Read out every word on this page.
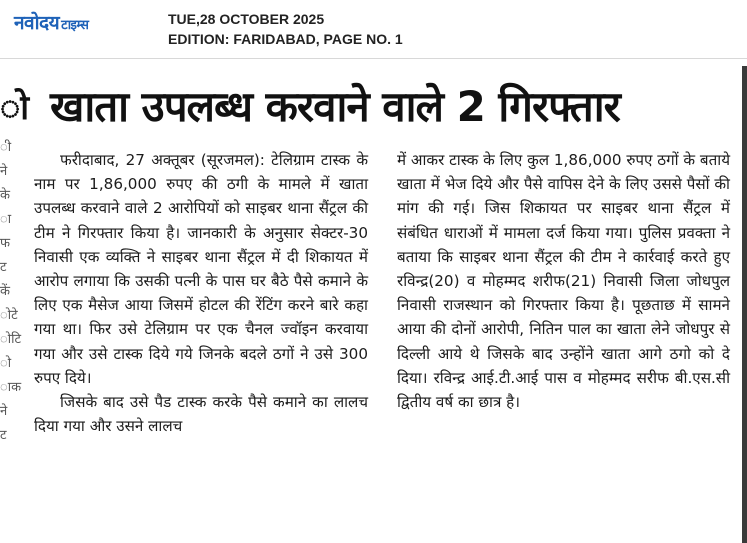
नवोदय टाइम्स	TUE,28 OCTOBER 2025
EDITION: FARIDABAD, PAGE NO. 1
ो
ी
ने
के
ा
फ
ट
कें
ोटे
ोटि
ो
ाक
ने
ट
खाता उपलब्ध करवाने वाले 2 गिरफ्तार

फरीदाबाद, 27 अक्तूबर (सूरजमल): टेलिग्राम टास्क के नाम पर 1,86,000 रुपए की ठगी के मामले में खाता उपलब्ध करवाने वाले 2 आरोपियों को साइबर थाना सैंट्रल की टीम ने गिरफ्तार किया है। जानकारी के अनुसार सेक्टर-30 निवासी एक व्यक्ति ने साइबर थाना सैंट्रल में दी शिकायत में आरोप लगाया कि उसकी पत्नी के पास घर बैठे पैसे कमाने के लिए एक मैसेज आया जिसमें होटल की रेंटिंग करने बारे कहा गया था। फिर उसे टेलिग्राम पर एक चैनल ज्वॉइन करवाया गया और उसे टास्क दिये गये जिनके बदले ठगों ने उसे 300 रुपए दिये।

जिसके बाद उसे पैड टास्क करके पैसे कमाने का लालच दिया गया और उसने लालच

में आकर टास्क के लिए कुल 1,86,000 रुपए ठगों के बताये खाता में भेज दिये और पैसे वापिस देने के लिए उससे पैसों की मांग की गई। जिस शिकायत पर साइबर थाना सैंट्रल में संबंधित धाराओं में मामला दर्ज किया गया। पुलिस प्रवक्ता ने बताया कि साइबर थाना सैंट्रल की टीम ने कार्रवाई करते हुए रविन्द्र(20) व मोहम्मद शरीफ(21) निवासी जिला जोधपुल निवासी राजस्थान को गिरफ्तार किया है। पूछताछ में सामने आया की दोनों आरोपी, नितिन पाल का खाता लेने जोधपुर से दिल्ली आये थे जिसके बाद उन्होंने खाता आगे ठगो को दे दिया। रविन्द्र आई.टी.आई पास व मोहम्मद सरीफ बी.एस.सी द्वितीय वर्ष का छात्र है।
